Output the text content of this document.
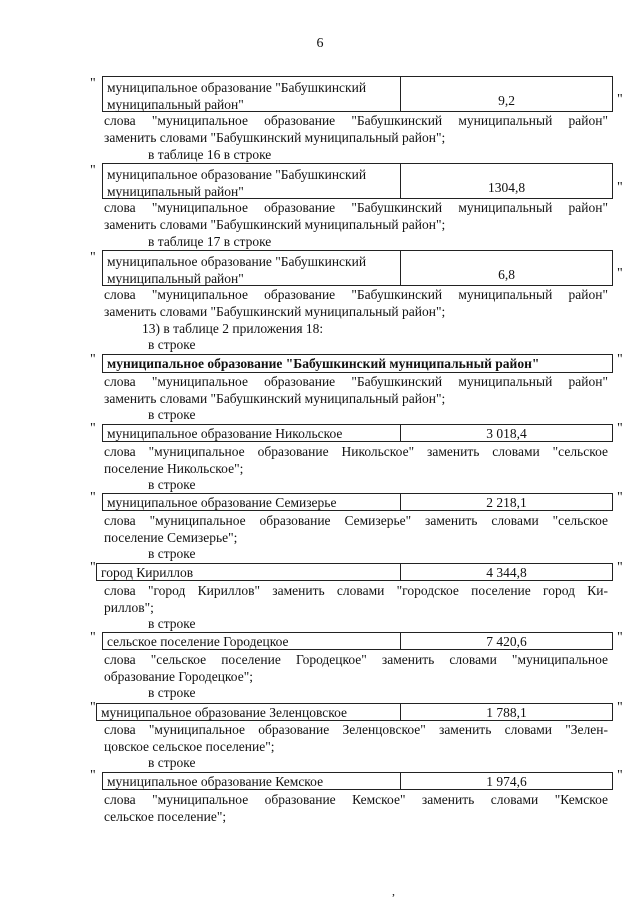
6
" муниципальное образование "Бабушкинский
муниципальный район"	9,2	"
слова "муниципальное образование "Бабушкинский муниципальный район"
заменить словами "Бабушкинский муниципальный район";
в таблице 16 в строке
" муниципальное образование "Бабушкинский
муниципальный район"	1304,8	"
слова "муниципальное образование "Бабушкинский муниципальный район"
заменить словами "Бабушкинский муниципальный район";
в таблице 17 в строке
" муниципальное образование "Бабушкинский
муниципальный район"	6,8	"
слова "муниципальное образование "Бабушкинский муниципальный район"
заменить словами "Бабушкинский муниципальный район";
13) в таблице 2 приложения 18:
в строке
" муниципальное образование "Бабушкинский муниципальный район"	"
слова "муниципальное образование "Бабушкинский муниципальный район"
заменить словами "Бабушкинский муниципальный район";
в строке
" муниципальное образование Никольское	3 018,4	"
слова "муниципальное образование Никольское" заменить словами "сельское
поселение Никольское";
в строке
" муниципальное образование Семизерье	2 218,1	"
слова "муниципальное образование Семизерье" заменить словами "сельское
поселение Семизерье";
в строке
" город Кириллов	4 344,8	"
слова "город Кириллов" заменить словами "городское поселение город Ки-
риллов";
в строке
" сельское поселение Городецкое	7 420,6	"
слова "сельское поселение Городецкое" заменить словами "муниципальное
образование Городецкое";
в строке
" муниципальное образование Зеленцовское	1 788,1	"
слова "муниципальное образование Зеленцовское" заменить словами "Зелен-
цовское сельское поселение";
в строке
" муниципальное образование Кемское	1 974,6	"
слова "муниципальное образование Кемское" заменить словами "Кемское
сельское поселение";
,
